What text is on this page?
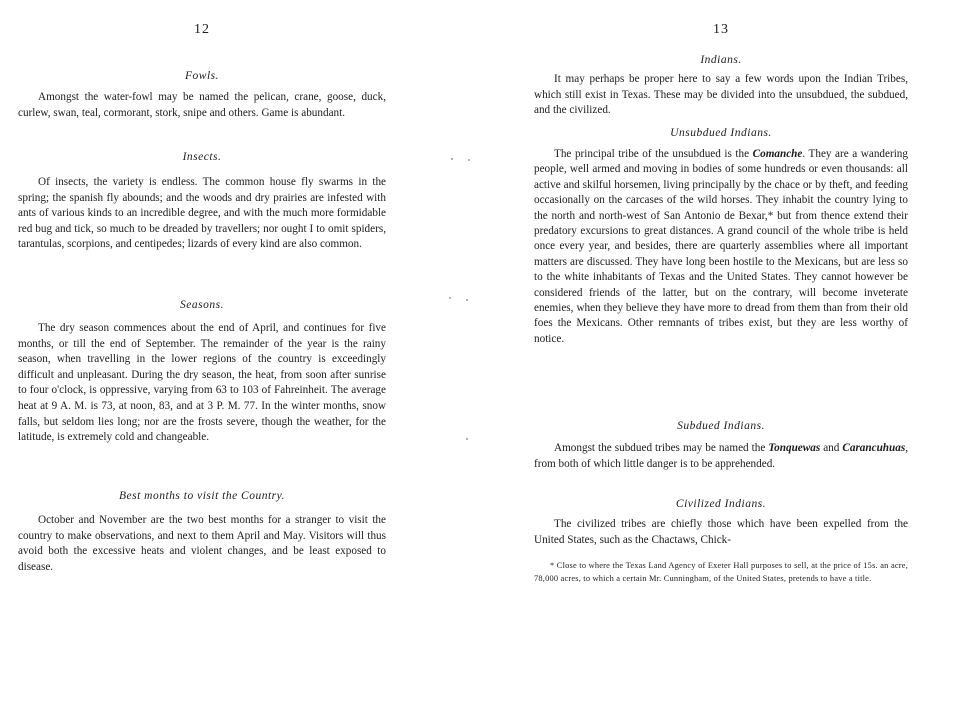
12
Fowls.

Amongst the water-fowl may be named the pelican, crane, goose, duck, curlew, swan, teal, cormorant, stork, snipe and others. Game is abundant.

Insects.

Of insects, the variety is endless. The common house fly swarms in the spring; the spanish fly abounds; and the woods and dry prairies are infested with ants of various kinds to an incredible degree, and with the much more formidable red bug and tick, so much to be dreaded by travellers; nor ought I to omit spiders, tarantulas, scorpions, and centipedes; lizards of every kind are also common.

Seasons.

The dry season commences about the end of April, and continues for five months, or till the end of September. The remainder of the year is the rainy season, when travelling in the lower regions of the country is exceedingly difficult and unpleasant. During the dry season, the heat, from soon after sunrise to four o'clock, is oppressive, varying from 63 to 103 of Fahreinheit. The average heat at 9 A. M. is 73, at noon, 83, and at 3 P. M. 77. In the winter months, snow falls, but seldom lies long; nor are the frosts severe, though the weather, for the latitude, is extremely cold and changeable.

Best months to visit the Country.

October and November are the two best months for a stranger to visit the country to make observations, and next to them April and May. Visitors will thus avoid both the excessive heats and violent changes, and be least exposed to disease.

13
Indians.

It may perhaps be proper here to say a few words upon the Indian Tribes, which still exist in Texas. These may be divided into the unsubdued, the subdued, and the civilized.

Unsubdued Indians.

The principal tribe of the unsubdued is the Comanche. They are a wandering people, well armed and moving in bodies of some hundreds or even thousands: all active and skilful horsemen, living principally by the chace or by theft, and feeding occasionally on the carcases of the wild horses. They inhabit the country lying to the north and north-west of San Antonio de Bexar,* but from thence extend their predatory excursions to great distances. A grand council of the whole tribe is held once every year, and besides, there are quarterly assemblies where all important matters are discussed. They have long been hostile to the Mexicans, but are less so to the white inhabitants of Texas and the United States. They cannot however be considered friends of the latter, but on the contrary, will become inveterate enemies, when they believe they have more to dread from them than from their old foes the Mexicans. Other remnants of tribes exist, but they are less worthy of notice.

Subdued Indians.

Amongst the subdued tribes may be named the Tonquewas and Carancuhuas, from both of which little danger is to be apprehended.

Civilized Indians.

The civilized tribes are chiefly those which have been expelled from the United States, such as the Chactaws, Chick-

* Close to where the Texas Land Agency of Exeter Hall purposes to sell, at the price of 15s. an acre, 78,000 acres, to which a certain Mr. Cunningham, of the United States, pretends to have a title.
